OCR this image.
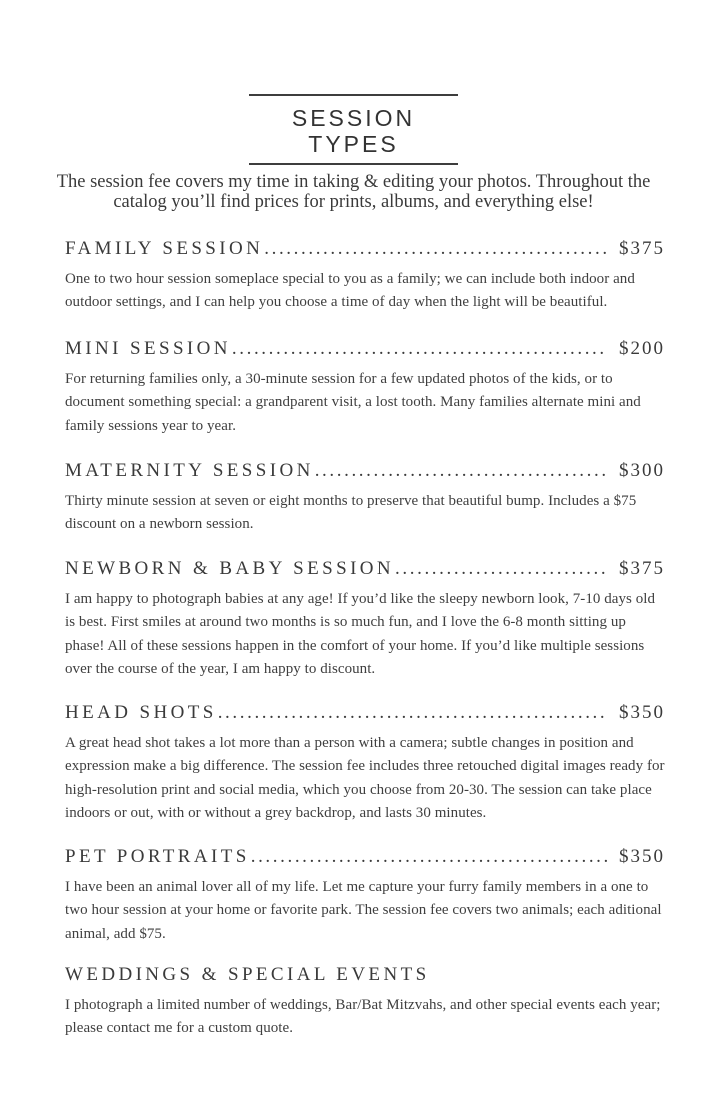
SESSION TYPES
The session fee covers my time in taking & editing your photos. Throughout the catalog you’ll find prices for prints, albums, and everything else!
FAMILY SESSION .....	$375

One to two hour session someplace special to you as a family; we can include both indoor and outdoor settings, and I can help you choose a time of day when the light will be beautiful.

MINI SESSION .....	$200

For returning families only, a 30-minute session for a few updated photos of the kids, or to document something special: a grandparent visit, a lost tooth. Many families alternate mini and family sessions year to year.

MATERNITY SESSION .....	$300

Thirty minute session at seven or eight months to preserve that beautiful bump. Includes a $75 discount on a newborn session.

NEWBORN & BABY SESSION .....	$375

I am happy to photograph babies at any age! If you’d like the sleepy newborn look, 7-10 days old is best. First smiles at around two months is so much fun, and I love the 6-8 month sitting up phase! All of these sessions happen in the comfort of your home. If you’d like multiple sessions over the course of the year, I am happy to discount.

HEAD SHOTS .....	$350

A great head shot takes a lot more than a person with a camera; subtle changes in position and expression make a big difference. The session fee includes three retouched digital images ready for high-resolution print and social media, which you choose from 20-30. The session can take place indoors or out, with or without a grey backdrop, and lasts 30 minutes.

PET PORTRAITS .....	$350

I have been an animal lover all of my life. Let me capture your furry family members in a one to two hour session at your home or favorite park. The session fee covers two animals; each aditional animal, add $75.

WEDDINGS & SPECIAL EVENTS

I photograph a limited number of weddings, Bar/Bat Mitzvahs, and other special events each year; please contact me for a custom quote.
